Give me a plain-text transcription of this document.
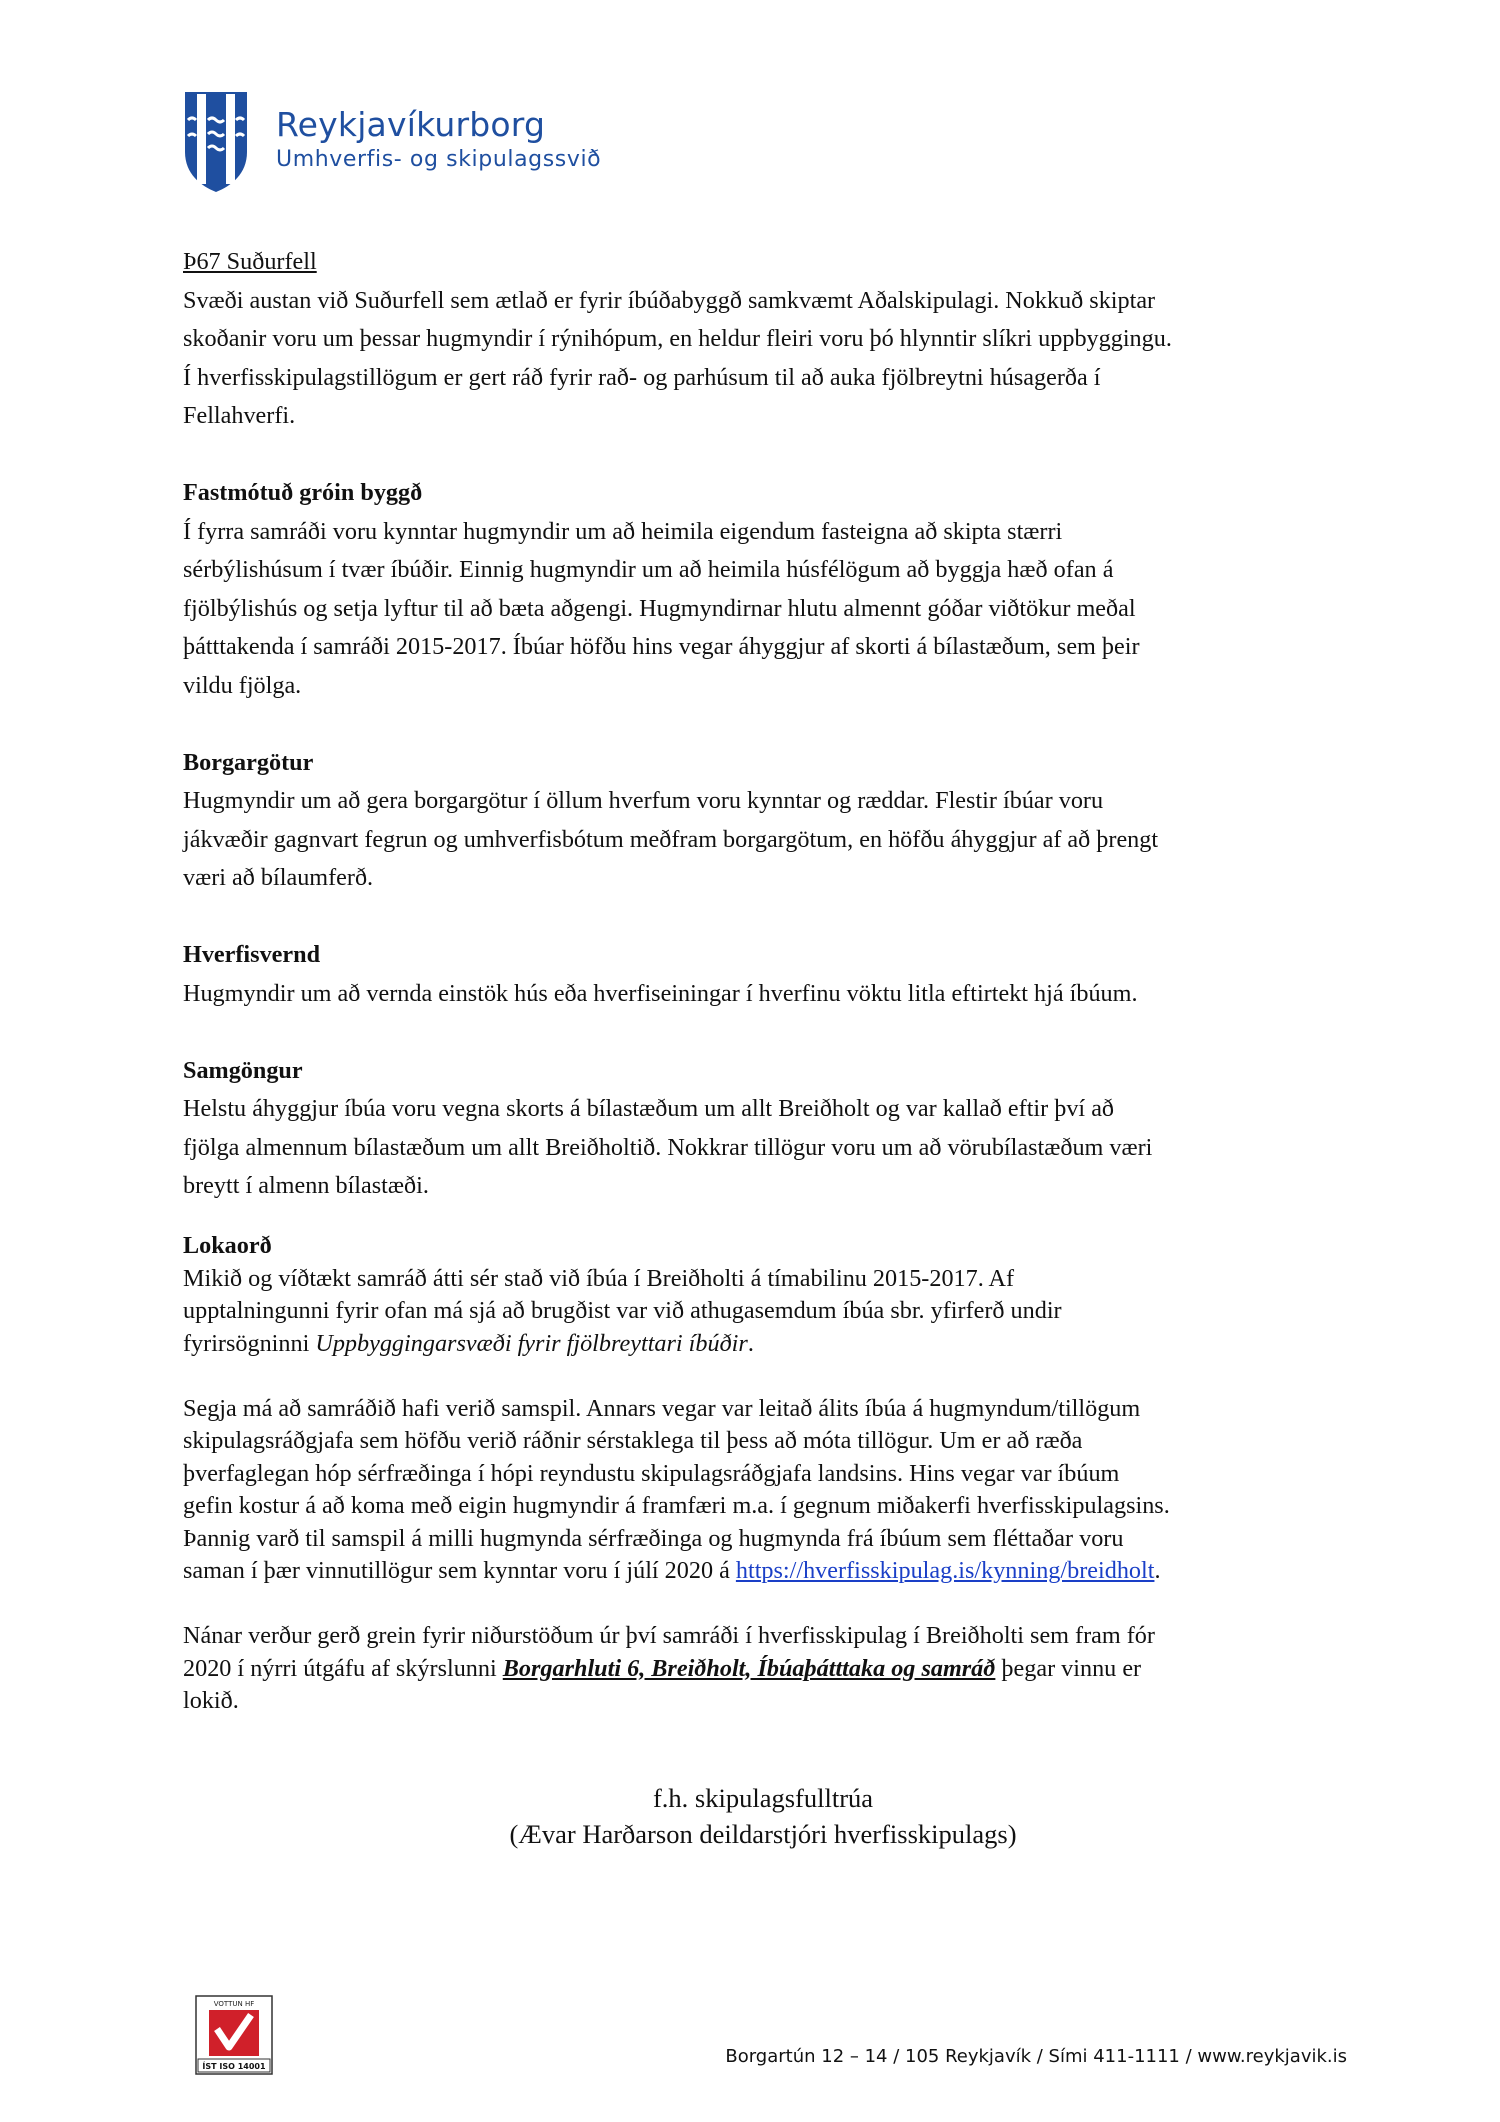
Reykjavíkurborg
Umhverfis- og skipulagssvið

Þ67 Suðurfell

Svæði austan við Suðurfell sem ætlað er fyrir íbúðabyggð samkvæmt Aðalskipulagi. Nokkuð skiptar

skoðanir voru um þessar hugmyndir í rýnihópum, en heldur fleiri voru þó hlynntir slíkri uppbyggingu.

Í hverfisskipulagstillögum er gert ráð fyrir rað- og parhúsum til að auka fjölbreytni húsagerða í

Fellahverfi.

Fastmótuð gróin byggð

Í fyrra samráði voru kynntar hugmyndir um að heimila eigendum fasteigna að skipta stærri

sérbýlishúsum í tvær íbúðir. Einnig hugmyndir um að heimila húsfélögum að byggja hæð ofan á

fjölbýlishús og setja lyftur til að bæta aðgengi. Hugmyndirnar hlutu almennt góðar viðtökur meðal

þátttakenda í samráði 2015-2017. Íbúar höfðu hins vegar áhyggjur af skorti á bílastæðum, sem þeir

vildu fjölga.

Borgargötur

Hugmyndir um að gera borgargötur í öllum hverfum voru kynntar og ræddar. Flestir íbúar voru

jákvæðir gagnvart fegrun og umhverfisbótum meðfram borgargötum, en höfðu áhyggjur af að þrengt

væri að bílaumferð.

Hverfisvernd

Hugmyndir um að vernda einstök hús eða hverfiseiningar í hverfinu vöktu litla eftirtekt hjá íbúum.

Samgöngur

Helstu áhyggjur íbúa voru vegna skorts á bílastæðum um allt Breiðholt og var kallað eftir því að

fjölga almennum bílastæðum um allt Breiðholtið. Nokkrar tillögur voru um að vörubílastæðum væri

breytt í almenn bílastæði.

Lokaorð

Mikið og víðtækt samráð átti sér stað við íbúa í Breiðholti á tímabilinu 2015-2017. Af

upptalningunni fyrir ofan má sjá að brugðist var við athugasemdum íbúa sbr. yfirferð undir

fyrirsögninni Uppbyggingarsvæði fyrir fjölbreyttari íbúðir.

Segja má að samráðið hafi verið samspil. Annars vegar var leitað álits íbúa á hugmyndum/tillögum

skipulagsráðgjafa sem höfðu verið ráðnir sérstaklega til þess að móta tillögur. Um er að ræða

þverfaglegan hóp sérfræðinga í hópi reyndustu skipulagsráðgjafa landsins. Hins vegar var íbúum

gefin kostur á að koma með eigin hugmyndir á framfæri m.a. í gegnum miðakerfi hverfisskipulagsins.

Þannig varð til samspil á milli hugmynda sérfræðinga og hugmynda frá íbúum sem fléttaðar voru

saman í þær vinnutillögur sem kynntar voru í júlí 2020 á https://hverfisskipulag.is/kynning/breidholt.

Nánar verður gerð grein fyrir niðurstöðum úr því samráði í hverfisskipulag í Breiðholti sem fram fór

2020 í nýrri útgáfu af skýrslunni Borgarhluti 6, Breiðholt, Íbúaþátttaka og samráð þegar vinnu er

lokið.

f.h. skipulagsfulltrúa
(Ævar Harðarson deildarstjóri hverfisskipulags)
VOTTUN HF
ÍST ISO 14001	Borgartún 12 – 14 / 105 Reykjavík / Sími 411-1111 / www.reykjavik.is
